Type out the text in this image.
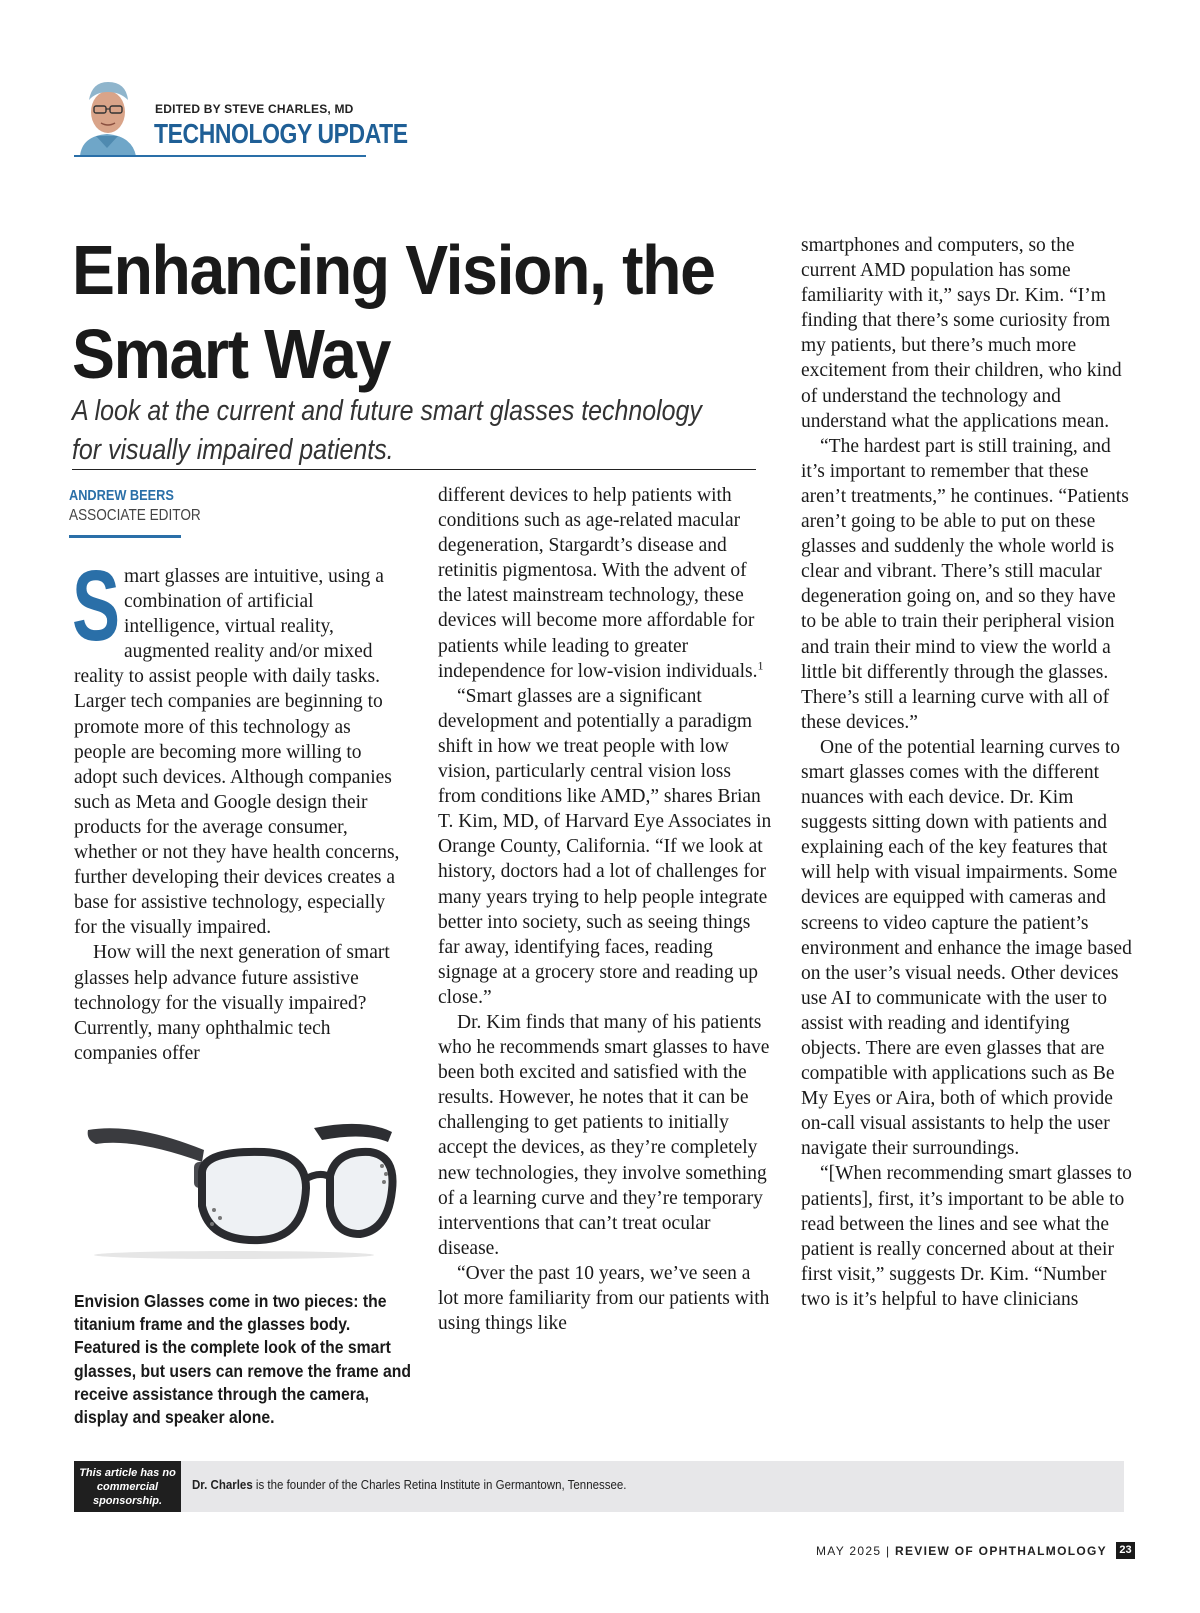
EDITED BY STEVE CHARLES, MD
TECHNOLOGY UPDATE
Enhancing Vision, the Smart Way
A look at the current and future smart glasses technology for visually impaired patients.
ANDREW BEERS
ASSOCIATE EDITOR

Smart glasses are intuitive, using a combination of artificial intelligence, virtual reality, augmented reality and/or mixed reality to assist people with daily tasks. Larger tech companies are beginning to promote more of this technology as people are becoming more willing to adopt such devices. Although companies such as Meta and Google design their products for the average consumer, whether or not they have health concerns, further developing their devices creates a base for assistive technology, especially for the visually impaired.

How will the next generation of smart glasses help advance future assistive technology for the visually impaired? Currently, many ophthalmic tech companies offer

Envision Glasses come in two pieces: the titanium frame and the glasses body. Featured is the complete look of the smart glasses, but users can remove the frame and receive assistance through the camera, display and speaker alone.

different devices to help patients with conditions such as age-related macular degeneration, Stargardt’s disease and retinitis pigmentosa. With the advent of the latest mainstream technology, these devices will become more affordable for patients while leading to greater independence for low-vision individuals.$^1$

“Smart glasses are a significant development and potentially a paradigm shift in how we treat people with low vision, particularly central vision loss from conditions like AMD,” shares Brian T. Kim, MD, of Harvard Eye Associates in Orange County, California. “If we look at history, doctors had a lot of challenges for many years trying to help people integrate better into society, such as seeing things far away, identifying faces, reading signage at a grocery store and reading up close.”

Dr. Kim finds that many of his patients who he recommends smart glasses to have been both excited and satisfied with the results. However, he notes that it can be challenging to get patients to initially accept the devices, as they’re completely new technologies, they involve something of a learning curve and they’re temporary interventions that can’t treat ocular disease.

“Over the past 10 years, we’ve seen a lot more familiarity from our patients with using things like

smartphones and computers, so the current AMD population has some familiarity with it,” says Dr. Kim. “I’m finding that there’s some curiosity from my patients, but there’s much more excitement from their children, who kind of understand the technology and understand what the applications mean.

“The hardest part is still training, and it’s important to remember that these aren’t treatments,” he continues. “Patients aren’t going to be able to put on these glasses and suddenly the whole world is clear and vibrant. There’s still macular degeneration going on, and so they have to be able to train their peripheral vision and train their mind to view the world a little bit differently through the glasses. There’s still a learning curve with all of these devices.”

One of the potential learning curves to smart glasses comes with the different nuances with each device. Dr. Kim suggests sitting down with patients and explaining each of the key features that will help with visual impairments. Some devices are equipped with cameras and screens to video capture the patient’s environment and enhance the image based on the user’s visual needs. Other devices use AI to communicate with the user to assist with reading and identifying objects. There are even glasses that are compatible with applications such as Be My Eyes or Aira, both of which provide on-call visual assistants to help the user navigate their surroundings.

“[When recommending smart glasses to patients], first, it’s important to be able to read between the lines and see what the patient is really concerned about at their first visit,” suggests Dr. Kim. “Number two is it’s helpful to have clinicians

This article has no commercial sponsorship.
Dr. Charles is the founder of the Charles Retina Institute in Germantown, Tennessee.
MAY 2025 | REVIEW OF OPHTHALMOLOGY	23
